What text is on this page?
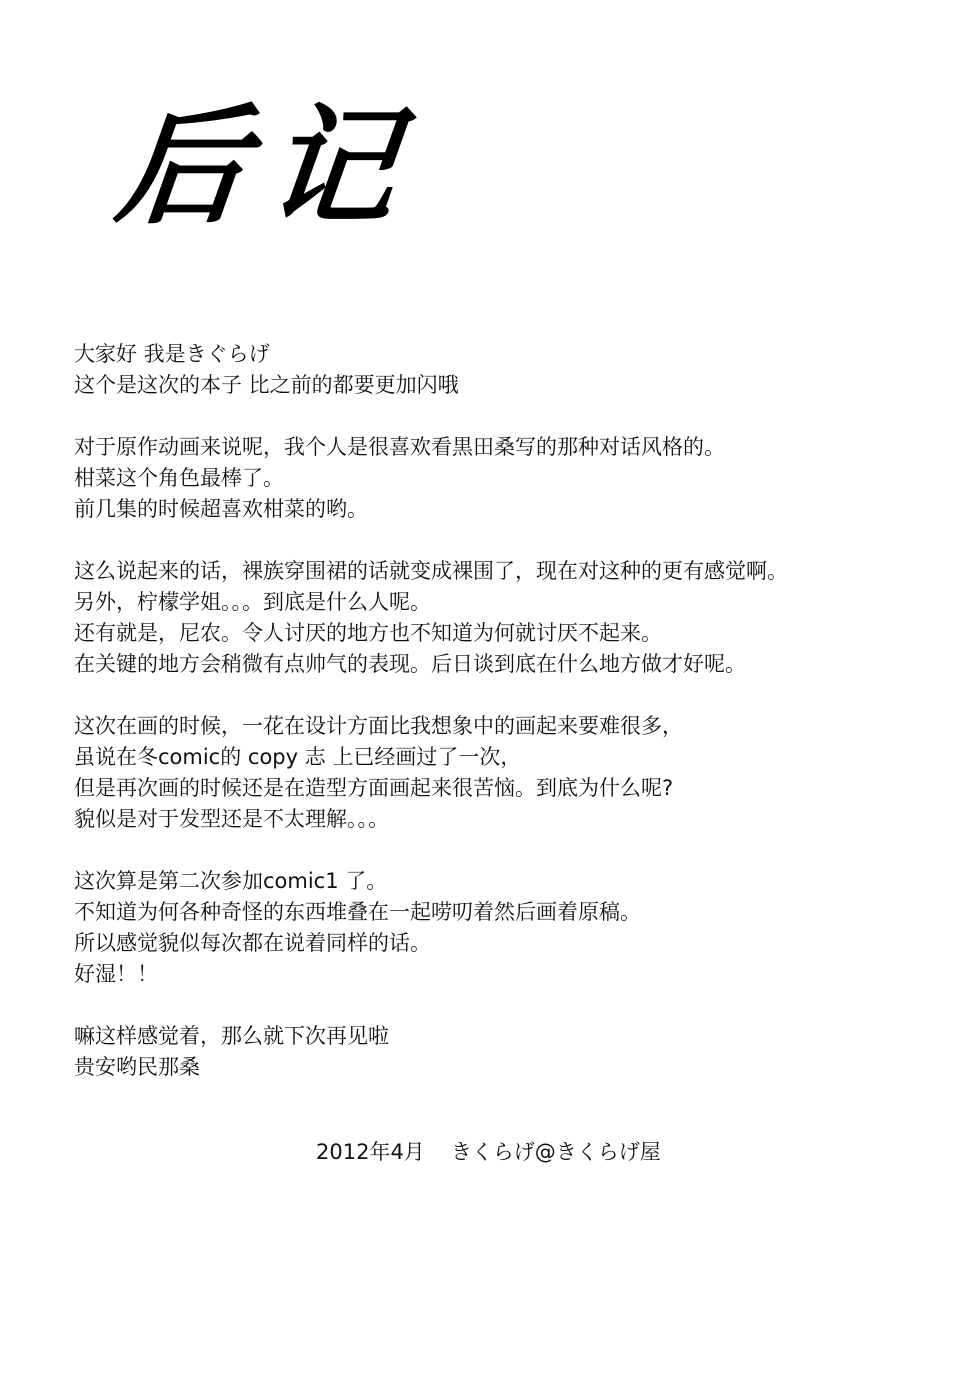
后记
大家好 我是きぐらげ
这个是这次的本子 比之前的都要更加闪哦
对于原作动画来说呢，我个人是很喜欢看黒田桑写的那种对话风格的。
柑菜这个角色最棒了。
前几集的时候超喜欢柑菜的哟。
这么说起来的话，裸族穿围裙的话就变成裸围了，现在对这种的更有感觉啊。
另外，柠檬学姐。。。到底是什么人呢。
还有就是，尼农。令人讨厌的地方也不知道为何就讨厌不起来。
在关键的地方会稍微有点帅气的表现。后日谈到底在什么地方做才好呢。
这次在画的时候，一花在设计方面比我想象中的画起来要难很多，
虽说在冬comic的 copy 志 上已经画过了一次，
但是再次画的时候还是在造型方面画起来很苦恼。到底为什么呢?
貌似是对于发型还是不太理解。。。
这次算是第二次参加comic1 了。
不知道为何各种奇怪的东西堆叠在一起唠叨着然后画着原稿。
所以感觉貌似每次都在说着同样的话。
好湿！！
嘛这样感觉着，那么就下次再见啦
贵安哟民那桑
2012年4月 きくらげ@きくらげ屋
